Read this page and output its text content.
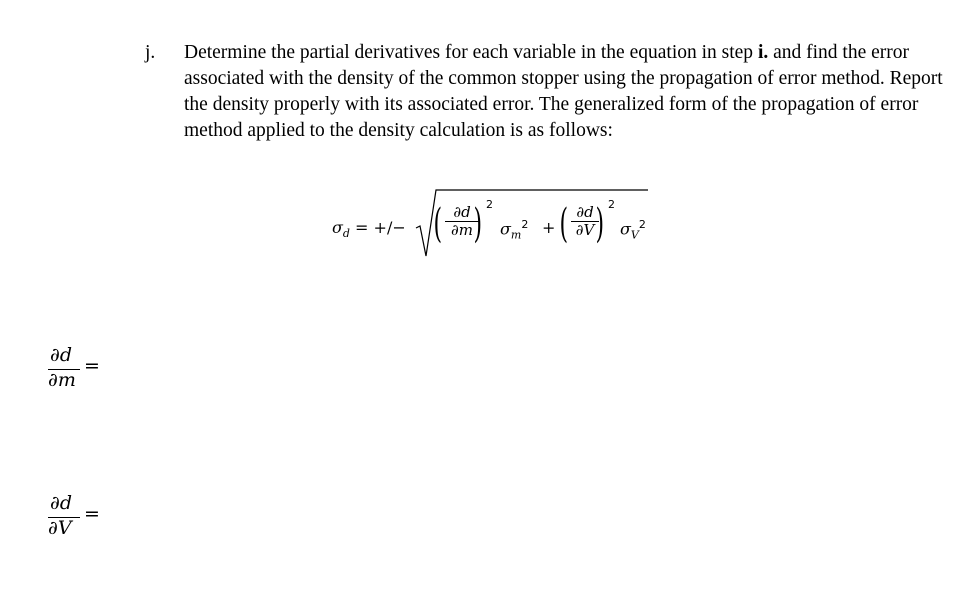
j. Determine the partial derivatives for each variable in the equation in step i. and find the error associated with the density of the common stopper using the propagation of error method. Report the density properly with its associated error. The generalized form of the propagation of error method applied to the density calculation is as follows:

$\sigma_d$ = +/− ( ∂d
∂m ) 2
$\sigma_m^2$ + ( ∂d
∂V ) 2
$\sigma_V^2$
∂d
∂m
=
∂d
∂V
=
